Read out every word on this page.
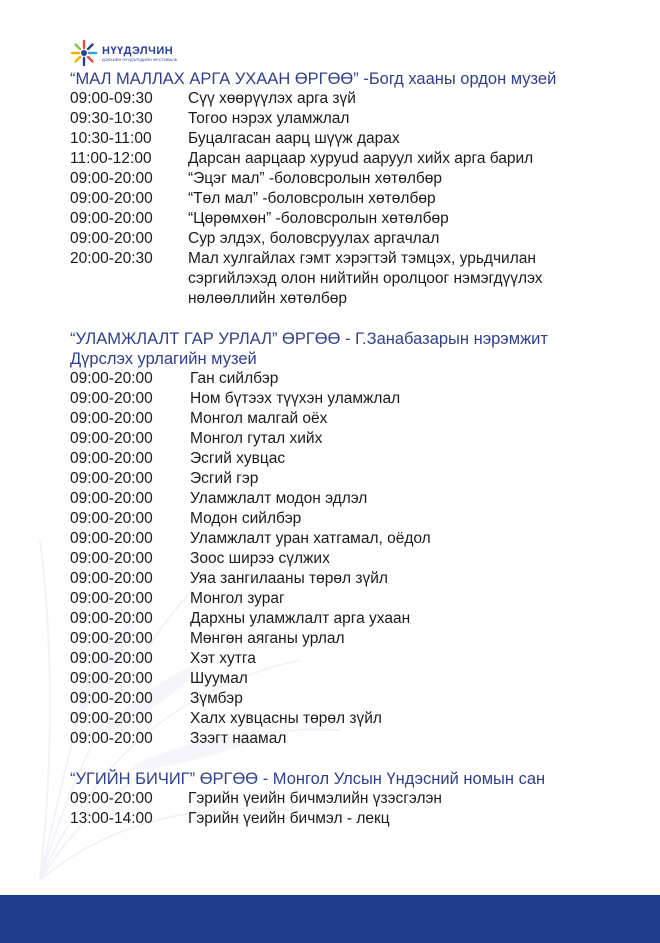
НҮҮДЭЛЧИН
ДЭЛХИЙН НҮҮДЭЛЧДИЙН ФЕСТИВАЛЬ
“МАЛ МАЛЛАХ АРГА УХААН ӨРГӨӨ” -Богд хааны ордон музей
09:00-09:30	Сүү хөөрүүлэх арга зүй
09:30-10:30	Тогоо нэрэх уламжлал
10:30-11:00	Буцалгасан аарц шүүж дарах
11:00-12:00	Дарсан аарцаар хуруud ааруул хийх арга барил
09:00-20:00	“Эцэг мал” -боловсролын хөтөлбөр
09:00-20:00	“Төл мал” -боловсролын хөтөлбөр
09:00-20:00	“Цөрөмхөн” -боловсролын хөтөлбөр
09:00-20:00	Сур элдэх, боловсруулах аргачлал
20:00-20:30	Мал хулгайлах гэмт хэрэгтэй тэмцэх, урьдчилан сэргийлэхэд олон нийтийн оролцоог нэмэгдүүлэх нөлөөллийн хөтөлбөр
“УЛАМЖЛАЛТ ГАР УРЛАЛ” ӨРГӨӨ - Г.Занабазарын нэрэмжит Дүрслэх урлагийн музей
09:00-20:00	Ган сийлбэр
09:00-20:00	Ном бүтээх түүхэн уламжлал
09:00-20:00	Монгол малгай оёх
09:00-20:00	Монгол гутал хийх
09:00-20:00	Эсгий хувцас
09:00-20:00	Эсгий гэр
09:00-20:00	Уламжлалт модон эдлэл
09:00-20:00	Модон сийлбэр
09:00-20:00	Уламжлалт уран хатгамал, оёдол
09:00-20:00	Зоос ширээ сүлжих
09:00-20:00	Уяа зангилааны төрөл зүйл
09:00-20:00	Монгол зураг
09:00-20:00	Дархны уламжлалт арга ухаан
09:00-20:00	Мөнгөн аяганы урлал
09:00-20:00	Хэт хутга
09:00-20:00	Шуумал
09:00-20:00	Зүмбэр
09:00-20:00	Халх хувцасны төрөл зүйл
09:00-20:00	Зээгт наамал
“УГИЙН БИЧИГ” ӨРГӨӨ - Монгол Улсын Үндэсний номын сан
09:00-20:00	Гэрийн үеийн бичмэлийн үзэсгэлэн
13:00-14:00	Гэрийн үеийн бичмэл - лекц
